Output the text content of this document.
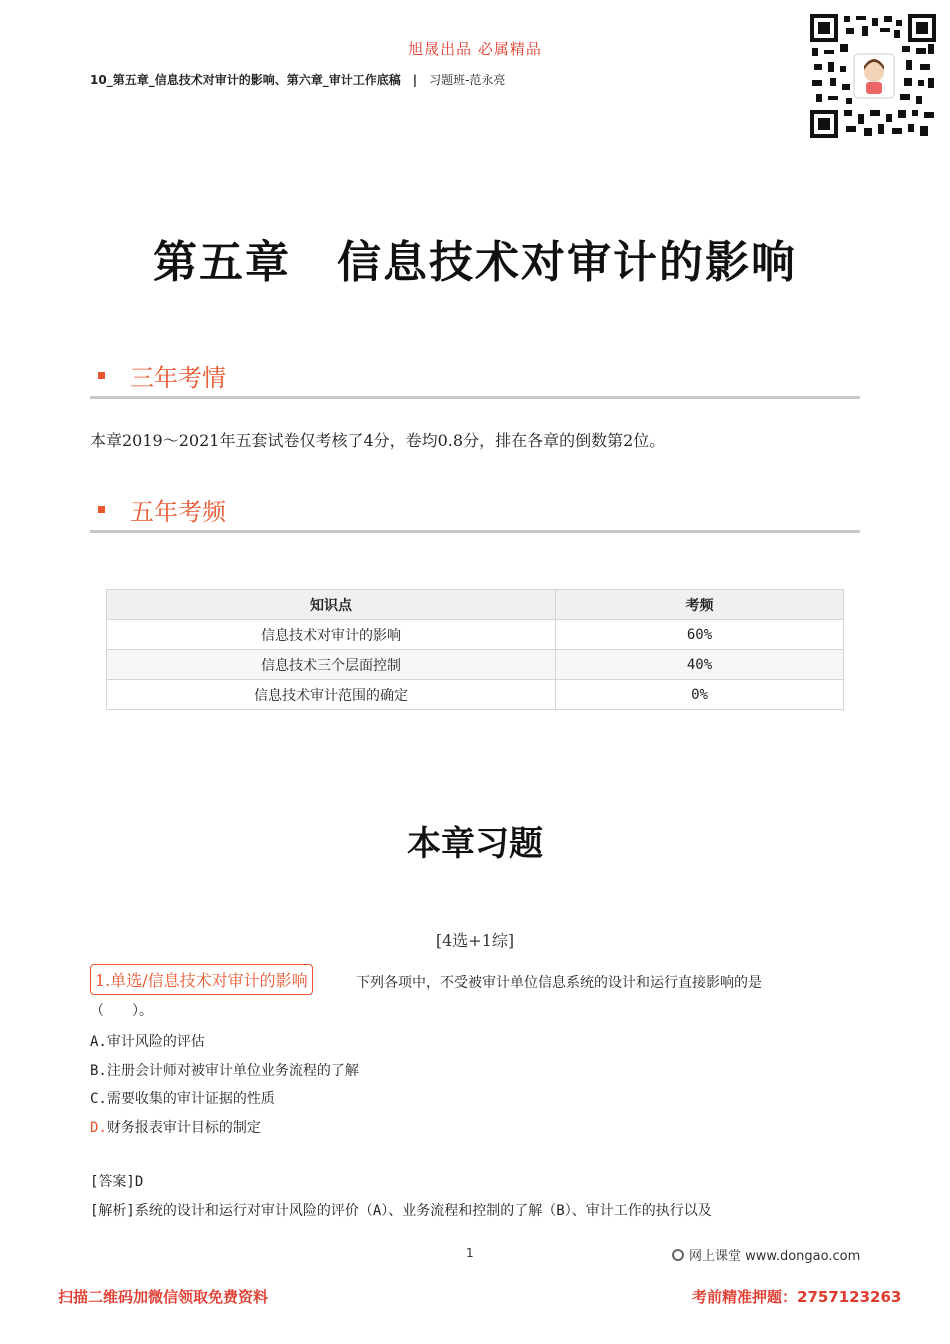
旭晟出品 必属精品
10_第五章_信息技术对审计的影响、第六章_审计工作底稿 | 习题班-范永亮
第五章　信息技术对审计的影响
三年考情
本章2019～2021年五套试卷仅考核了4分，卷均0.8分，排在各章的倒数第2位。
五年考频
知识点	考频
信息技术对审计的影响	60%
信息技术三个层面控制	40%
信息技术审计范围的确定	0%
本章习题
[4选+1综]
1.单选/信息技术对审计的影响	下列各项中，不受被审计单位信息系统的设计和运行直接影响的是
（　　）。
A.审计风险的评估
B.注册会计师对被审计单位业务流程的了解
C.需要收集的审计证据的性质
D.财务报表审计目标的制定
[答案]D
[解析]系统的设计和运行对审计风险的评价（A）、业务流程和控制的了解（B）、审计工作的执行以及
1	网上课堂 www.dongao.com
扫描二维码加微信领取免费资料	考前精准押题：2757123263
